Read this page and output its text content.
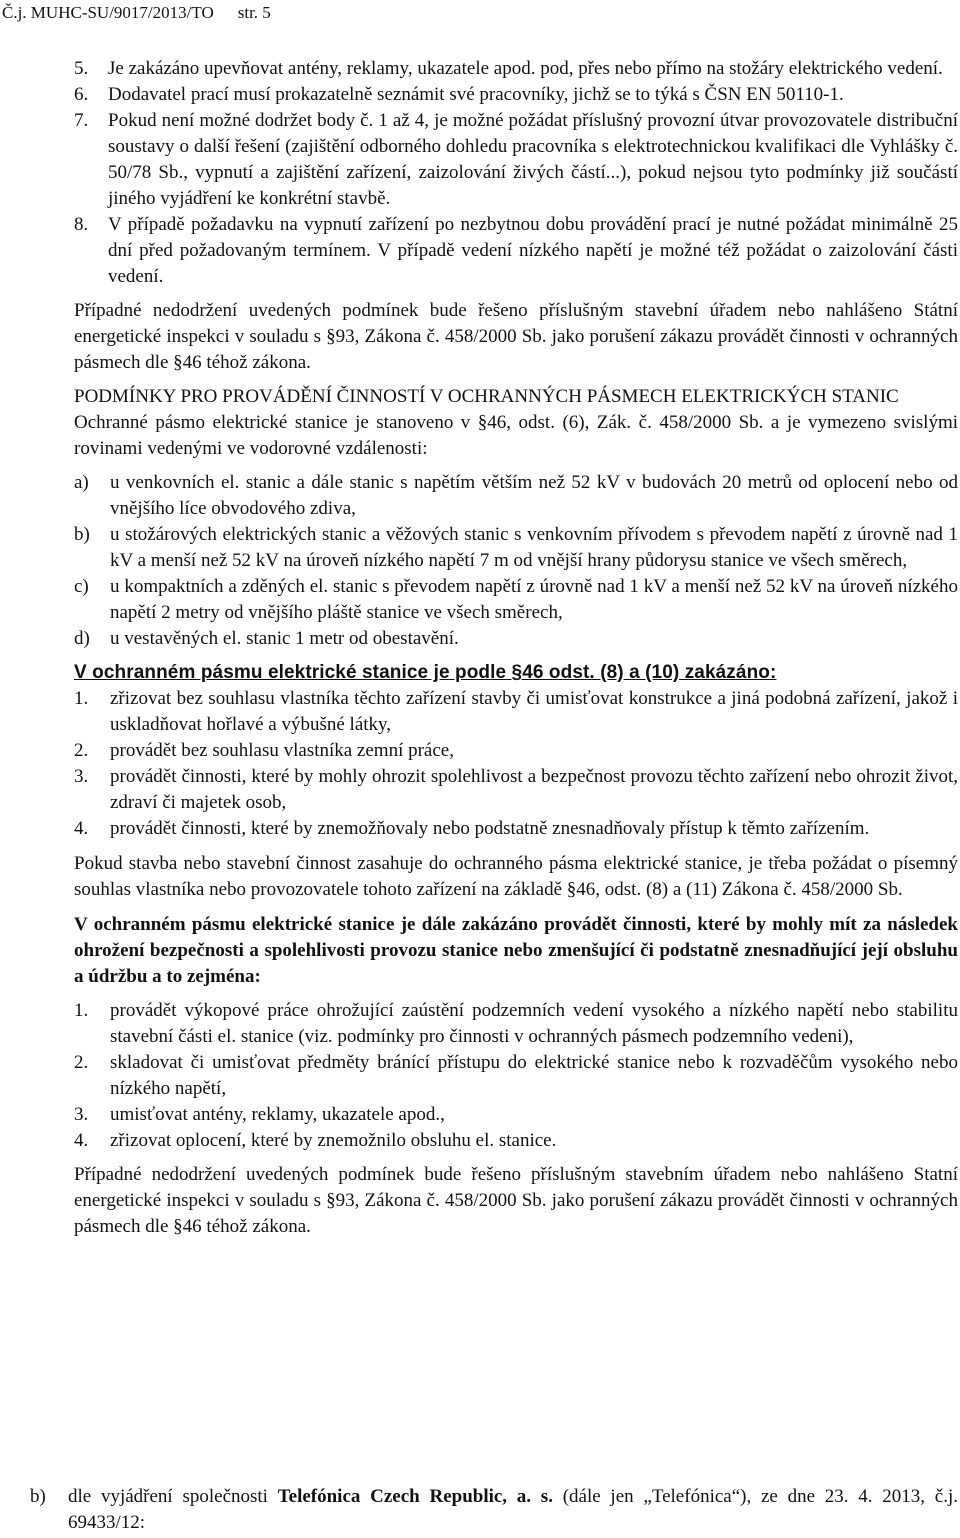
Č.j. MUHC-SU/9017/2013/TO str. 5
5.	Je zakázáno upevňovat antény, reklamy, ukazatele apod. pod, přes nebo přímo na stožáry elektrického vedení.
6.	Dodavatel prací musí prokazatelně seznámit své pracovníky, jichž se to týká s ČSN EN 50110-1.
7.	Pokud není možné dodržet body č. 1 až 4, je možné požádat příslušný provozní útvar provozovatele distribuční soustavy o další řešení (zajištění odborného dohledu pracovníka s elektrotechnickou kvalifikaci dle Vyhlášky č. 50/78 Sb., vypnutí a zajištění zařízení, zaizolování živých částí...), pokud nejsou tyto podmínky již součástí jiného vyjádření ke konkrétní stavbě.
8.	V případě požadavku na vypnutí zařízení po nezbytnou dobu provádění prací je nutné požádat minimálně 25 dní před požadovaným termínem. V případě vedení nízkého napětí je možné též požádat o zaizolování části vedení.

Případné nedodržení uvedených podmínek bude řešeno příslušným stavební úřadem nebo nahlášeno Státní energetické inspekci v souladu s §93, Zákona č. 458/2000 Sb. jako porušení zákazu provádět činnosti v ochranných pásmech dle §46 téhož zákona.

PODMÍNKY PRO PROVÁDĚNÍ ČINNOSTÍ V OCHRANNÝCH PÁSMECH ELEKTRICKÝCH STANIC

Ochranné pásmo elektrické stanice je stanoveno v §46, odst. (6), Zák. č. 458/2000 Sb. a je vymezeno svislými rovinami vedenými ve vodorovné vzdálenosti:

a)	u venkovních el. stanic a dále stanic s napětím větším než 52 kV v budovách 20 metrů od oplocení nebo od vnějšího líce obvodového zdiva,
b)	u stožárových elektrických stanic a věžových stanic s venkovním přívodem s převodem napětí z úrovně nad 1 kV a menší než 52 kV na úroveň nízkého napětí 7 m od vnější hrany půdorysu stanice ve všech směrech,
c)	u kompaktních a zděných el. stanic s převodem napětí z úrovně nad 1 kV a menší než 52 kV na úroveň nízkého napětí 2 metry od vnějšího pláště stanice ve všech směrech,
d)	u vestavěných el. stanic 1 metr od obestavění.

V ochranném pásmu elektrické stanice je podle §46 odst. (8) a (10) zakázáno:

1.	zřizovat bez souhlasu vlastníka těchto zařízení stavby či umisťovat konstrukce a jiná podobná zařízení, jakož i uskladňovat hořlavé a výbušné látky,
2.	provádět bez souhlasu vlastníka zemní práce,
3.	provádět činnosti, které by mohly ohrozit spolehlivost a bezpečnost provozu těchto zařízení nebo ohrozit život, zdraví či majetek osob,
4.	provádět činnosti, které by znemožňovaly nebo podstatně znesnadňovaly přístup k těmto zařízením.

Pokud stavba nebo stavební činnost zasahuje do ochranného pásma elektrické stanice, je třeba požádat o písemný souhlas vlastníka nebo provozovatele tohoto zařízení na základě §46, odst. (8) a (11) Zákona č. 458/2000 Sb.

V ochranném pásmu elektrické stanice je dále zakázáno provádět činnosti, které by mohly mít za následek ohrožení bezpečnosti a spolehlivosti provozu stanice nebo zmenšující či podstatně znesnadňující její obsluhu a údržbu a to zejména:

1.	provádět výkopové práce ohrožující zaústění podzemních vedení vysokého a nízkého napětí nebo stabilitu stavební části el. stanice (viz. podmínky pro činnosti v ochranných pásmech podzemního vedeni),
2.	skladovat či umisťovat předměty bránící přístupu do elektrické stanice nebo k rozvaděčům vysokého nebo nízkého napětí,
3.	umisťovat antény, reklamy, ukazatele apod.,
4.	zřizovat oplocení, které by znemožnilo obsluhu el. stanice.

Případné nedodržení uvedených podmínek bude řešeno příslušným stavebním úřadem nebo nahlášeno Statní energetické inspekci v souladu s §93, Zákona č. 458/2000 Sb. jako porušení zákazu provádět činnosti v ochranných pásmech dle §46 téhož zákona.

b)	dle vyjádření společnosti Telefónica Czech Republic, a. s. (dále jen „Telefónica“), ze dne 23. 4. 2013, č.j. 69433/12:
